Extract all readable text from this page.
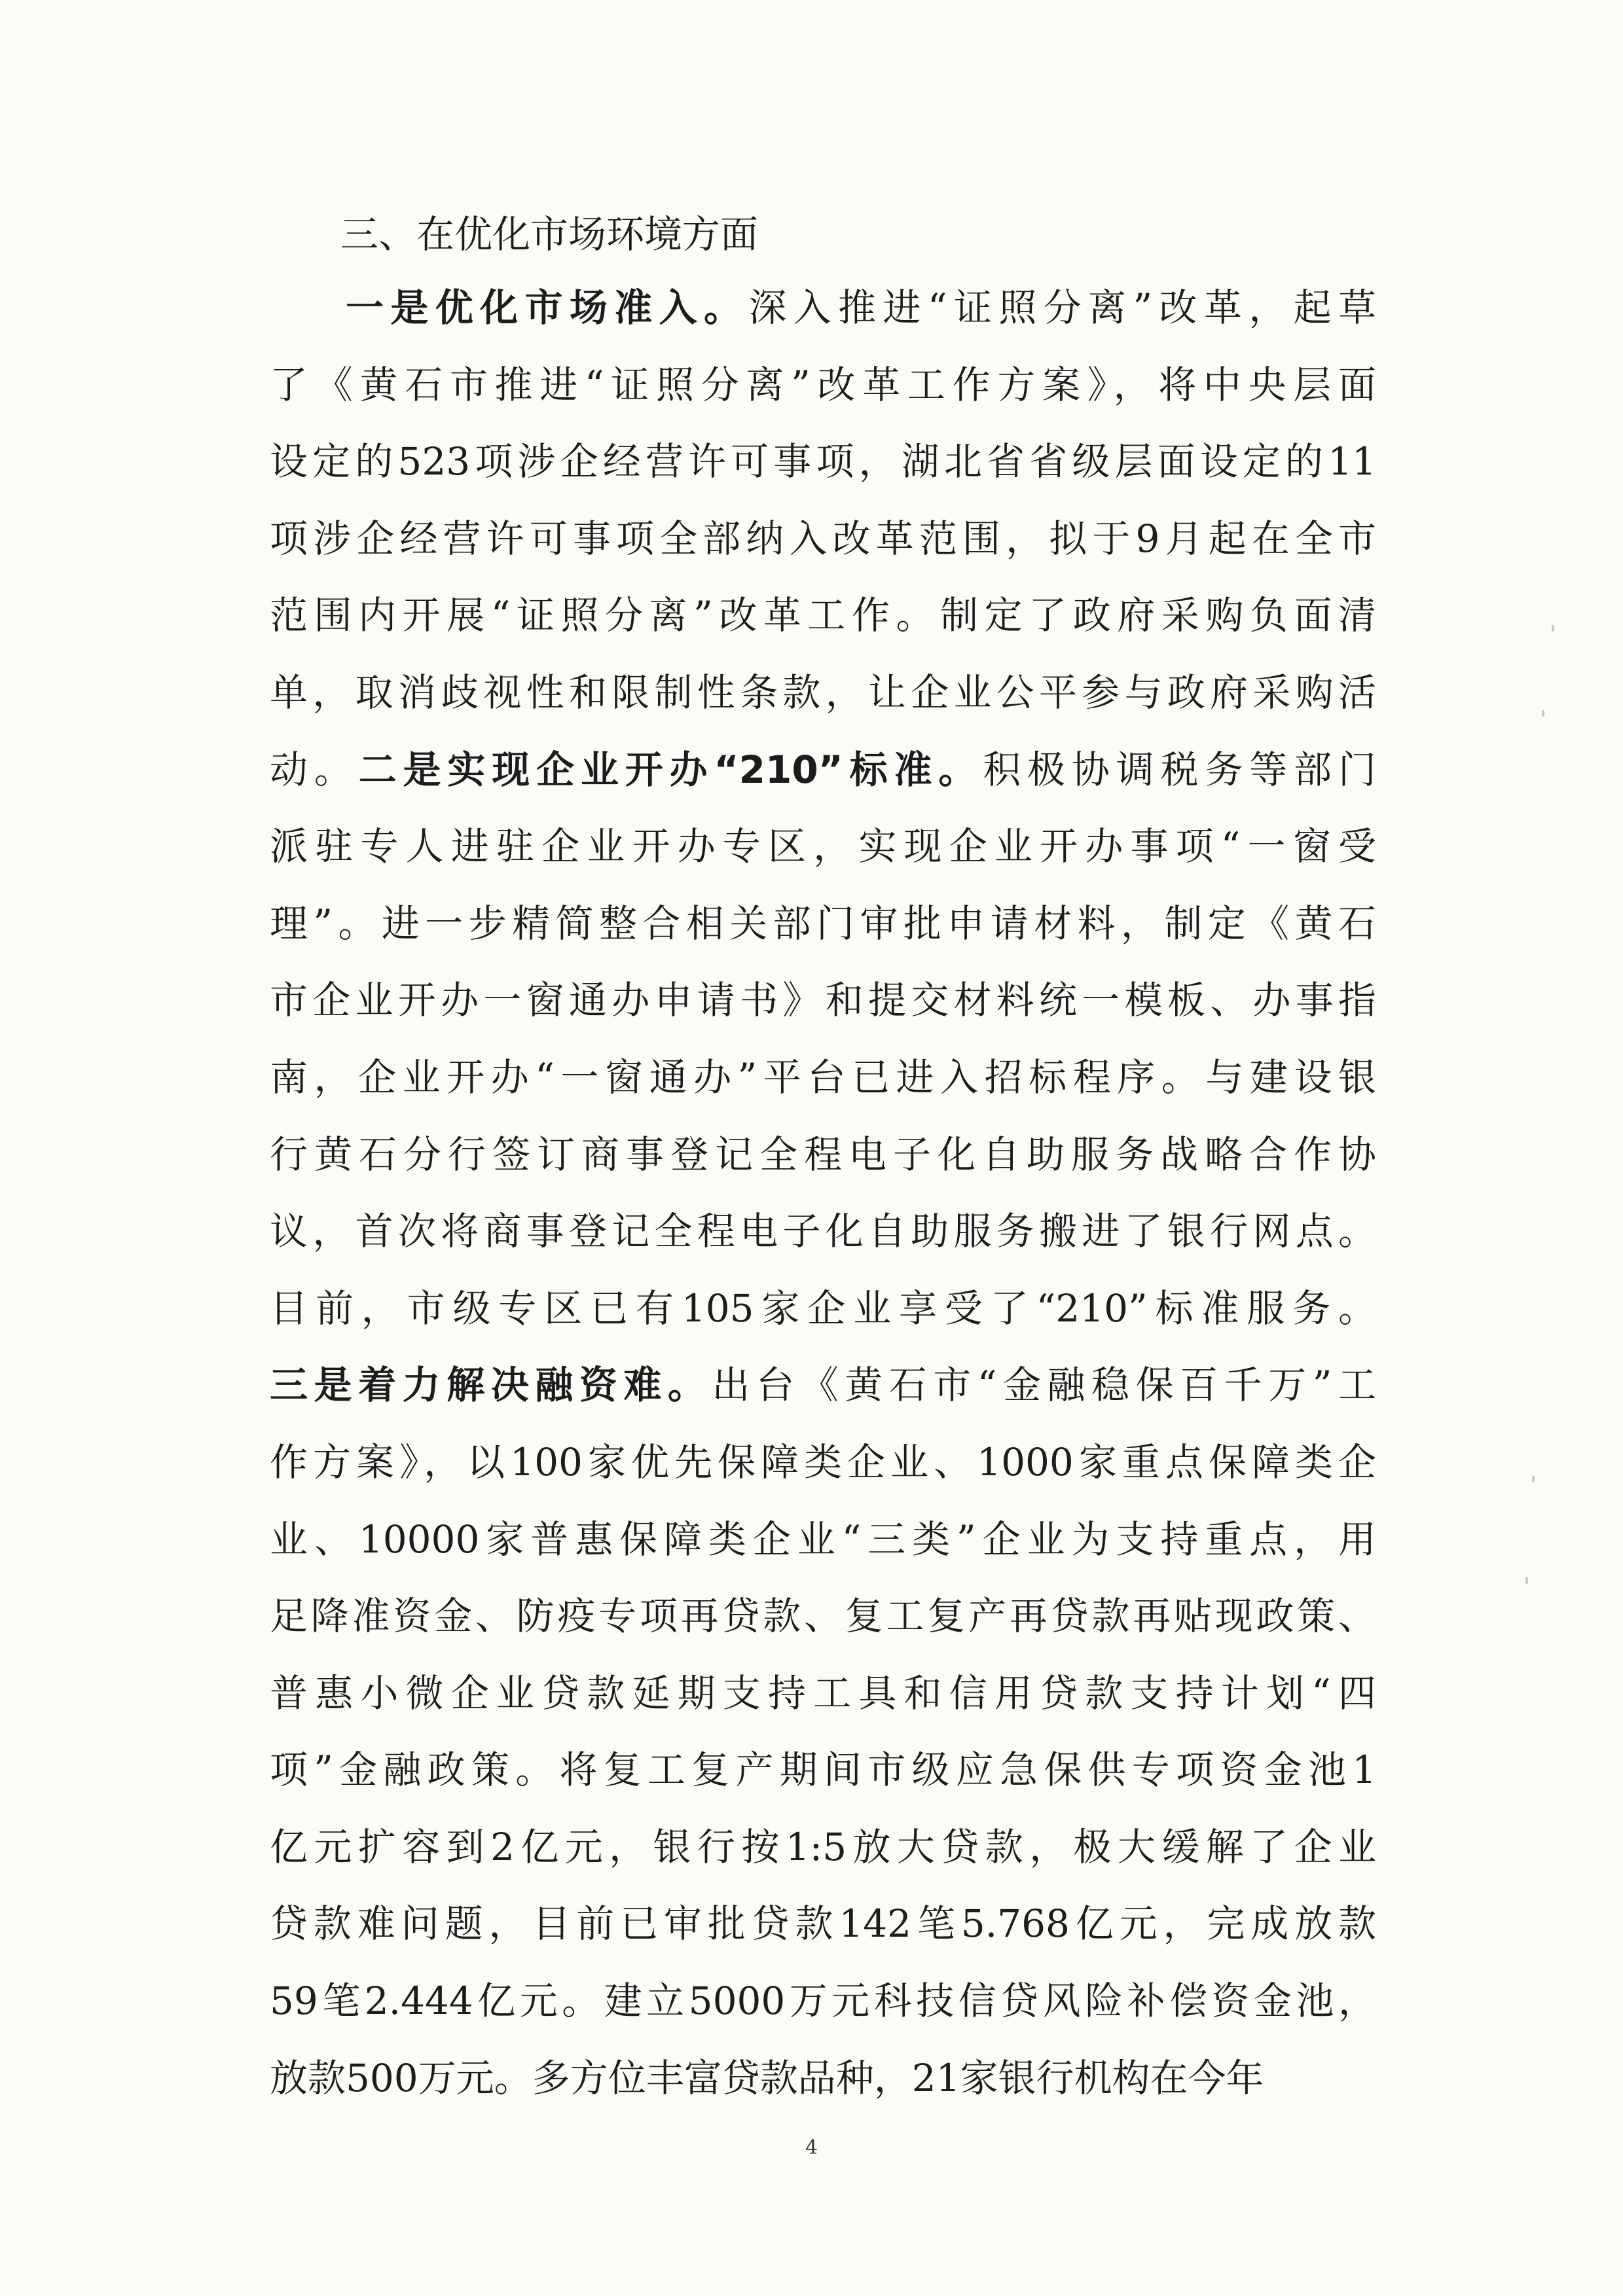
三、在优化市场环境方面
一是优化市场准入。深入推进“证照分离”改革，起草
了《黄石市推进“证照分离”改革工作方案》，将中央层面
设定的523项涉企经营许可事项，湖北省省级层面设定的11
项涉企经营许可事项全部纳入改革范围，拟于9月起在全市
范围内开展“证照分离”改革工作。制定了政府采购负面清
单，取消歧视性和限制性条款，让企业公平参与政府采购活
动。二是实现企业开办“210”标准。积极协调税务等部门
派驻专人进驻企业开办专区，实现企业开办事项“一窗受
理”。进一步精简整合相关部门审批申请材料，制定《黄石
市企业开办一窗通办申请书》和提交材料统一模板、办事指
南，企业开办“一窗通办”平台已进入招标程序。与建设银
行黄石分行签订商事登记全程电子化自助服务战略合作协
议，首次将商事登记全程电子化自助服务搬进了银行网点。
目前，市级专区已有105家企业享受了“210”标准服务。
三是着力解决融资难。出台《黄石市“金融稳保百千万”工
作方案》，以100家优先保障类企业、1000家重点保障类企
业、10000家普惠保障类企业“三类”企业为支持重点，用
足降准资金、防疫专项再贷款、复工复产再贷款再贴现政策、
普惠小微企业贷款延期支持工具和信用贷款支持计划“四
项”金融政策。将复工复产期间市级应急保供专项资金池1
亿元扩容到2亿元，银行按1:5放大贷款，极大缓解了企业
贷款难问题，目前已审批贷款142笔5.768亿元，完成放款
59笔2.444亿元。建立5000万元科技信贷风险补偿资金池，
放款500万元。多方位丰富贷款品种，21家银行机构在今年
4
